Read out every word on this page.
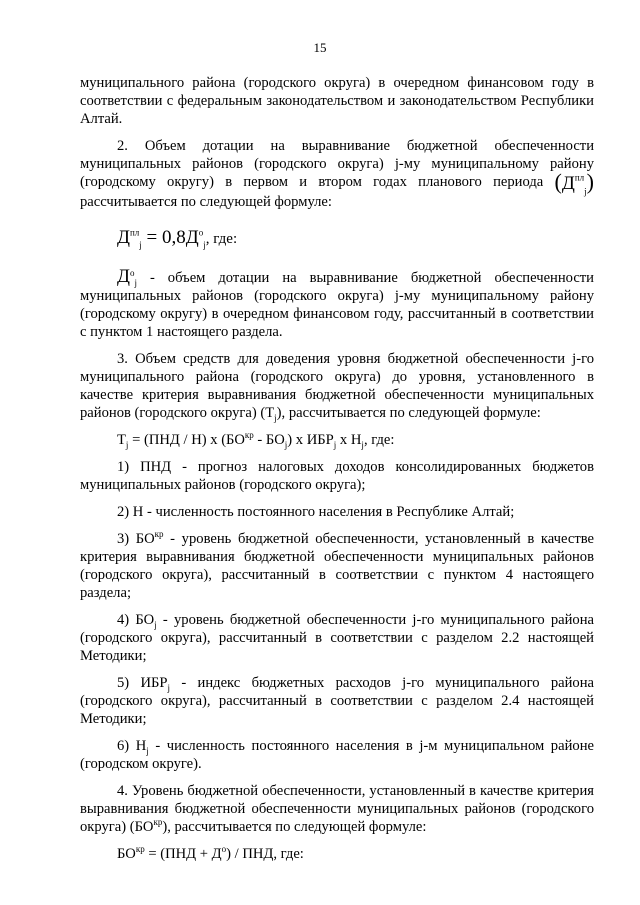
15

муниципального района (городского округа) в очередном финансовом году в соответствии с федеральным законодательством и законодательством Республики Алтай.

2. Объем дотации на выравнивание бюджетной обеспеченности муниципальных районов (городского округа) j-му муниципальному району (городскому округу) в первом и втором годах планового периода $(Д^{пл}_j)$ рассчитывается по следующей формуле:

$Д^{пл}_j = 0,8Д^о_j$, где:

$Д^о_j$ - объем дотации на выравнивание бюджетной обеспеченности муниципальных районов (городского округа) j-му муниципальному району (городскому округу) в очередном финансовом году, рассчитанный в соответствии с пунктом 1 настоящего раздела.

3. Объем средств для доведения уровня бюджетной обеспеченности j-го муниципального района (городского округа) до уровня, установленного в качестве критерия выравнивания бюджетной обеспеченности муниципальных районов (городского округа) $(Т_j)$, рассчитывается по следующей формуле:

$Т_j = (ПНД / Н)$ х $(БО^{кр} - БО_j)$ х $ИБР_j$ х $Н_j$, где:

1) ПНД - прогноз налоговых доходов консолидированных бюджетов муниципальных районов (городского округа);

2) Н - численность постоянного населения в Республике Алтай;

3) $БО^{кр}$ - уровень бюджетной обеспеченности, установленный в качестве критерия выравнивания бюджетной обеспеченности муниципальных районов (городского округа), рассчитанный в соответствии с пунктом 4 настоящего раздела;

4) $БО_j$ - уровень бюджетной обеспеченности j-го муниципального района (городского округа), рассчитанный в соответствии с разделом 2.2 настоящей Методики;

5) $ИБР_j$ - индекс бюджетных расходов j-го муниципального района (городского округа), рассчитанный в соответствии с разделом 2.4 настоящей Методики;

6) $Н_j$ - численность постоянного населения в j-м муниципальном районе (городском округе).

4. Уровень бюджетной обеспеченности, установленный в качестве критерия выравнивания бюджетной обеспеченности муниципальных районов (городского округа) $(БО^{кр})$, рассчитывается по следующей формуле:

$БО^{кр} = (ПНД + Д^о)$ / ПНД, где:
